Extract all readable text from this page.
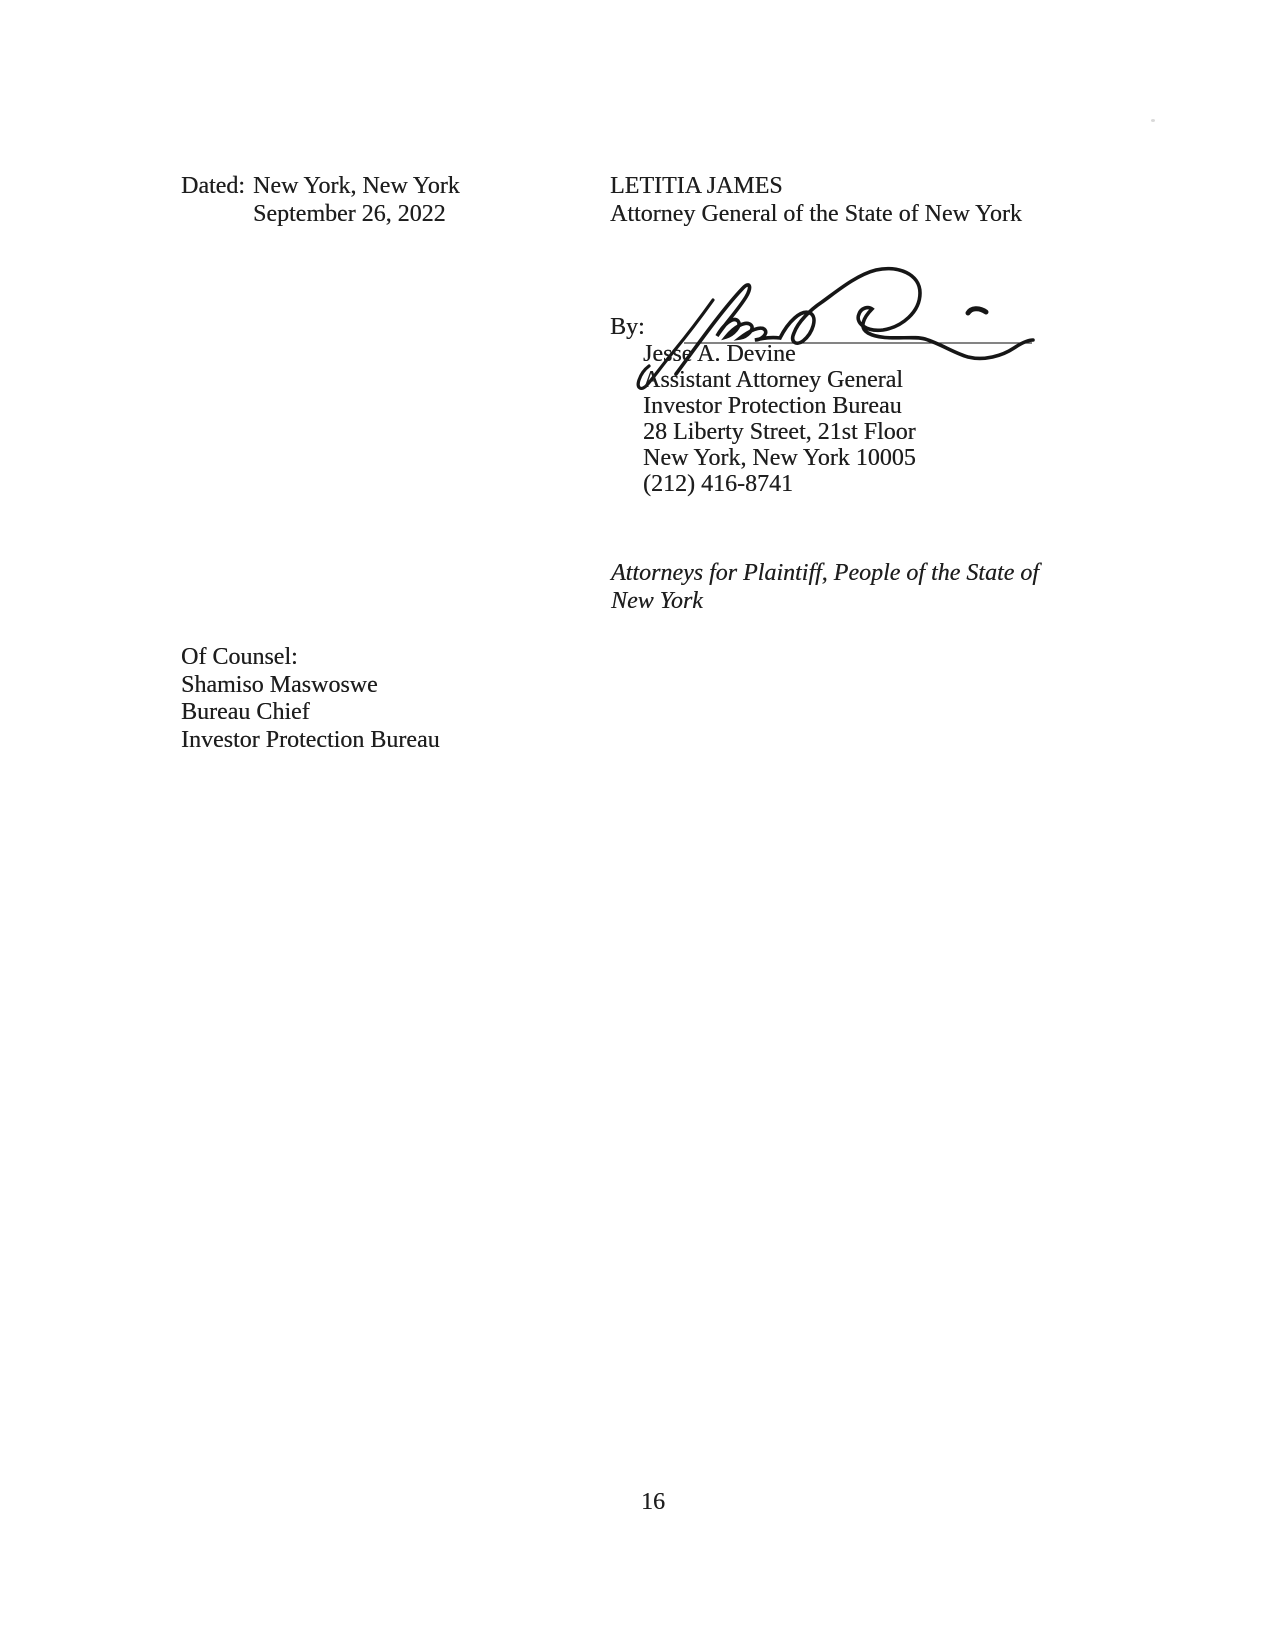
Dated: New York, New York
September 26, 2022
LETITIA JAMES
Attorney General of the State of New York
By:
Jesse A. Devine
Assistant Attorney General
Investor Protection Bureau
28 Liberty Street, 21st Floor
New York, New York 10005
(212) 416-8741
Attorneys for Plaintiff, People of the State of
New York
Of Counsel:
Shamiso Maswoswe
Bureau Chief
Investor Protection Bureau
16
